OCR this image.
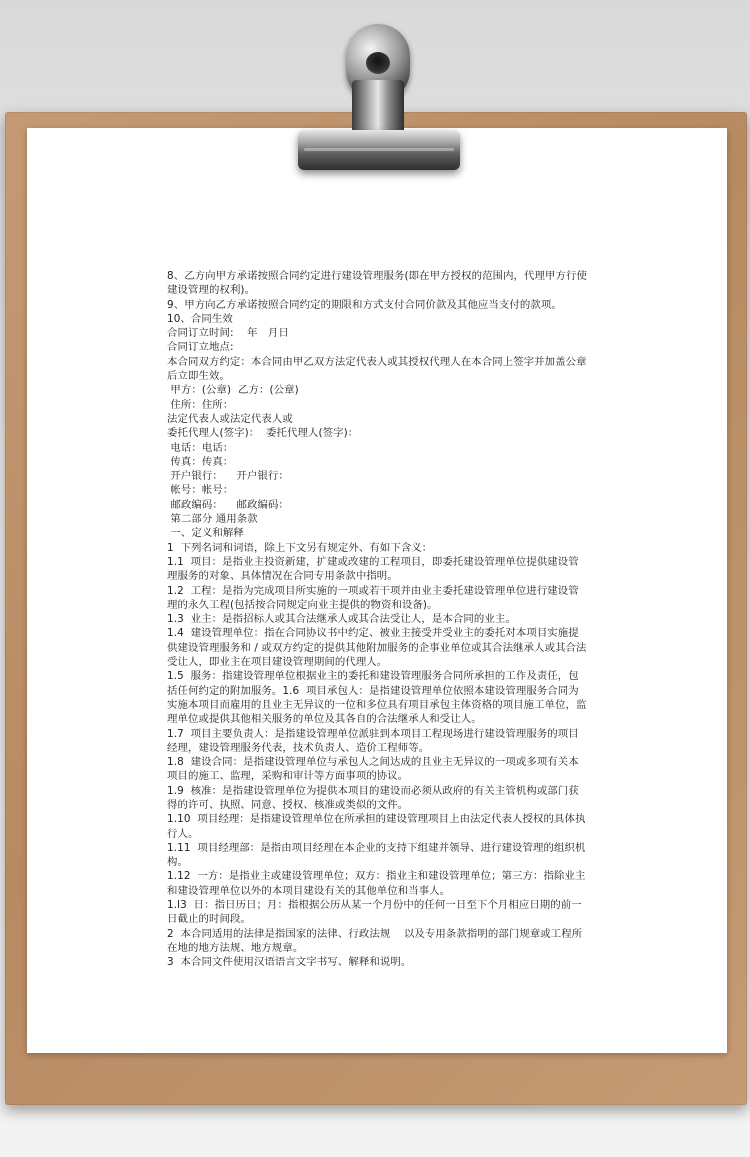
8、乙方向甲方承诺按照合同约定进行建设管理服务(即在甲方授权的范围内，代理甲方行使建设管理的权利)。

9、甲方向乙方承诺按照合同约定的期限和方式支付合同价款及其他应当支付的款项。

10、合同生效

合同订立时间:    年   月日

合同订立地点:

本合同双方约定：本合同由甲乙双方法定代表人或其授权代理人在本合同上签字并加盖公章后立即生效。

甲方：(公章)  乙方：(公章)

住所：住所：

法定代表人或法定代表人或

委托代理人(签字)：  委托代理人(签字)：

电话：电话：

传真：传真：

开户银行：    开户银行：

帐号：帐号：

邮政编码：    邮政编码：

第二部分 通用条款

一、定义和解释

1  下列名词和词语，除上下文另有规定外、有如下含义：

1.1  项目：是指业主投资新建，扩建或改建的工程项目，即委托建设管理单位提供建设管理服务的对象、具体情况在合同专用条款中指明。

1.2  工程：是指为完成项目所实施的一项或若干项并由业主委托建设管理单位进行建设管理的永久工程(包括按合同规定向业主提供的物资和设备)。

1.3  业主：是指招标人或其合法继承人或其合法受让人，是本合同的业主。

1.4  建设管理单位：指在合同协议书中约定、被业主接受并受业主的委托对本项目实施提供建设管理服务和 / 或双方约定的提供其他附加服务的企事业单位或其合法继承人或其合法受让人，即业主在项目建设管理期间的代理人。

1.5  服务：指建设管理单位根据业主的委托和建设管理服务合同所承担的工作及责任，包括任何约定的附加服务。1.6  项目承包人：是指建设管理单位依照本建设管理服务合同为实施本项目而雇用的且业主无异议的一位和多位具有项目承包主体资格的项目施工单位，监理单位或提供其他相关服务的单位及其各自的合法继承人和受让人。

1.7  项目主要负责人：是指建设管理单位派驻到本项目工程现场进行建设管理服务的项目经理，建设管理服务代表，技术负责人、造价工程师等。

1.8  建设合同：是指建设管理单位与承包人之间达成的且业主无异议的一项或多项有关本项目的施工、监理，采购和审计等方面事项的协议。

1.9  核准：是指建设管理单位为提供本项目的建设而必须从政府的有关主管机构或部门获得的许可、执照、同意、授权、核准或类似的文件。

1.10  项目经理：是指建设管理单位在所承担的建设管理项目上由法定代表人授权的具体执行人。

1.11  项目经理部：是指由项目经理在本企业的支持下组建并领导、进行建设管理的组织机构。

1.12  一方：是指业主或建设管理单位；双方：指业主和建设管理单位；第三方：指除业主和建设管理单位以外的本项目建设有关的其他单位和当事人。

1.l3  日：指日历日；月：指根据公历从某一个月份中的任何一日至下个月相应日期的前一日截止的时间段。

2  本合同适用的法律是指国家的法律、行政法规    以及专用条款指明的部门规章或工程所在地的地方法规、地方规章。

3  本合同文件使用汉语语言文字书写、解释和说明。
